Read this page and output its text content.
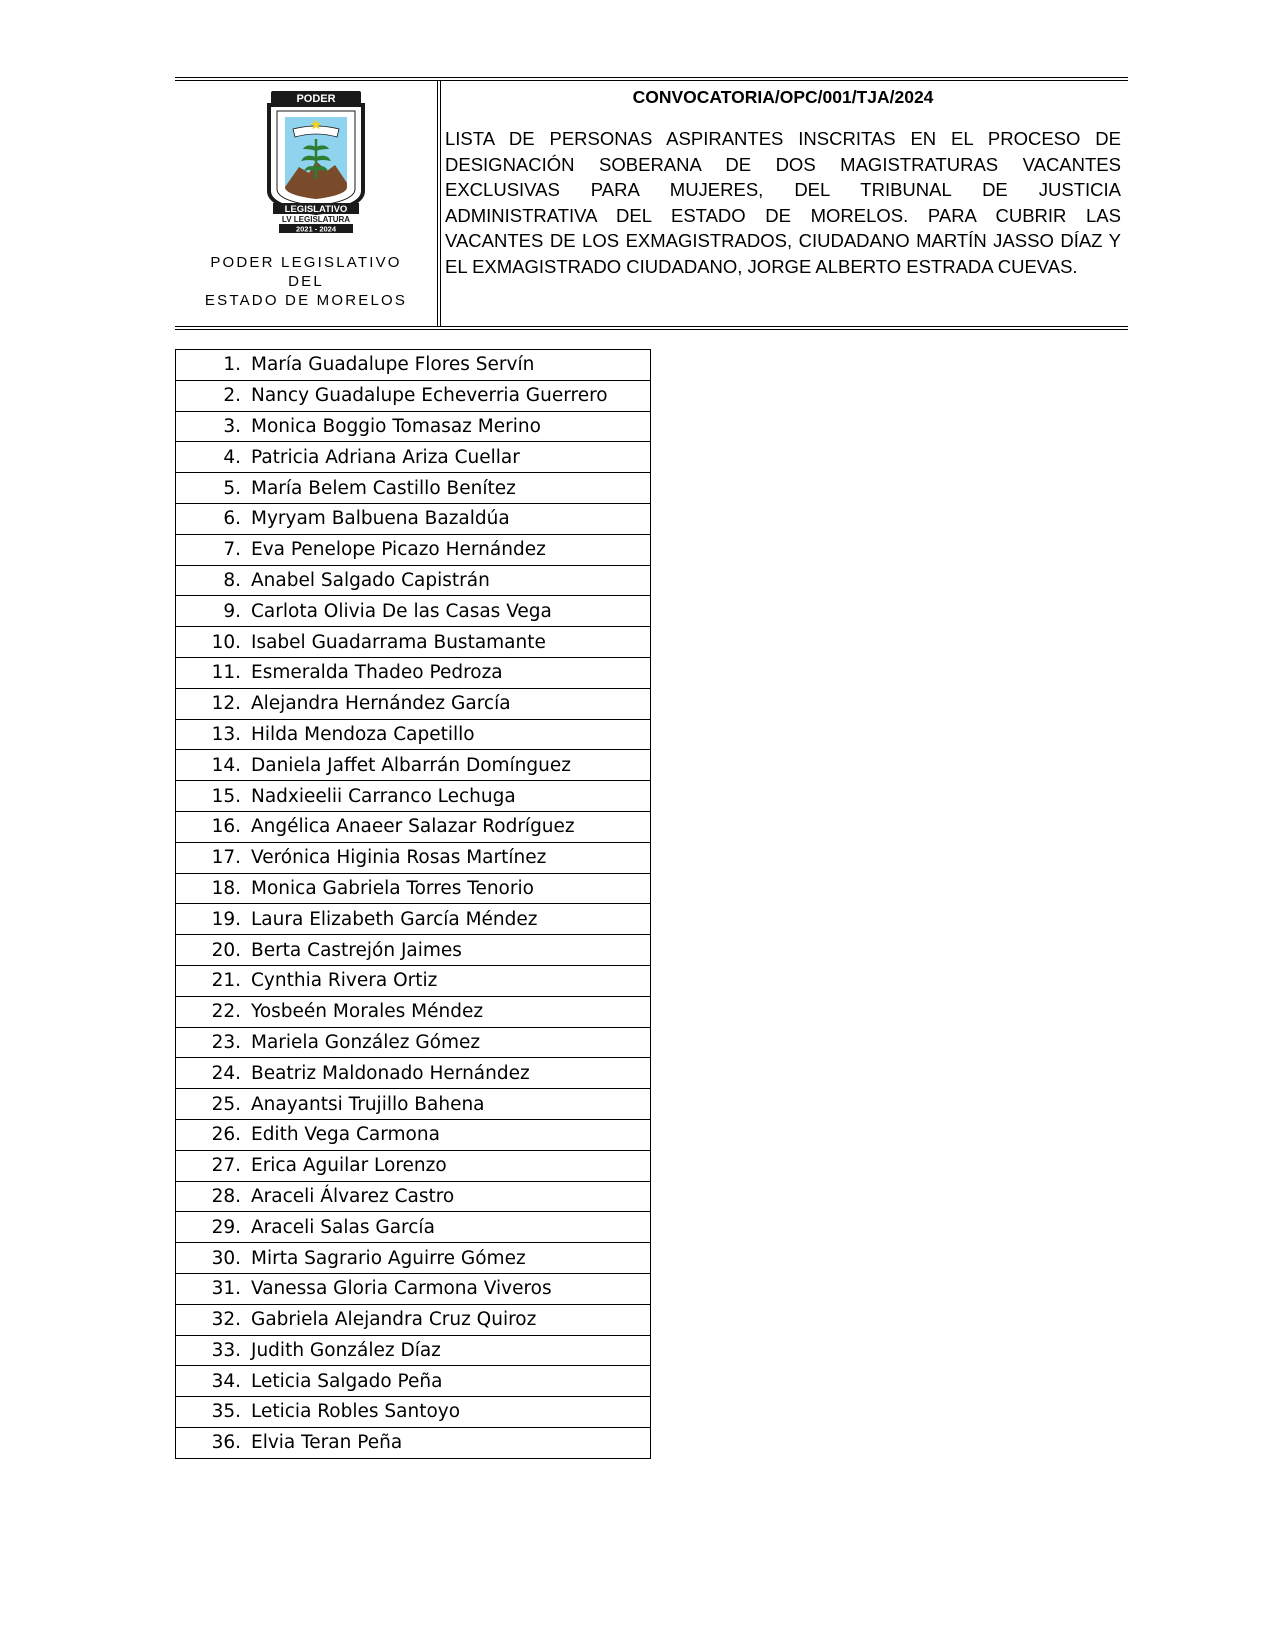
PODER
LEGISLATIVO
LV LEGISLATURA
2021 - 2024
PODER LEGISLATIVO
DEL
ESTADO DE MORELOS
CONVOCATORIA/OPC/001/TJA/2024
LISTA DE PERSONAS ASPIRANTES INSCRITAS EN EL PROCESO DE DESIGNACIÓN SOBERANA DE DOS MAGISTRATURAS VACANTES EXCLUSIVAS PARA MUJERES, DEL TRIBUNAL DE JUSTICIA ADMINISTRATIVA DEL ESTADO DE MORELOS. PARA CUBRIR LAS VACANTES DE LOS EXMAGISTRADOS, CIUDADANO MARTÍN JASSO DÍAZ Y EL EXMAGISTRADO CIUDADANO, JORGE ALBERTO ESTRADA CUEVAS.
1. María Guadalupe Flores Servín
2. Nancy Guadalupe Echeverria Guerrero
3. Monica Boggio Tomasaz Merino
4. Patricia Adriana Ariza Cuellar
5. María Belem Castillo Benítez
6. Myryam Balbuena Bazaldúa
7. Eva Penelope Picazo Hernández
8. Anabel Salgado Capistrán
9. Carlota Olivia De las Casas Vega
10. Isabel Guadarrama Bustamante
11. Esmeralda Thadeo Pedroza
12. Alejandra Hernández García
13. Hilda Mendoza Capetillo
14. Daniela Jaffet Albarrán Domínguez
15. Nadxieelii Carranco Lechuga
16. Angélica Anaeer Salazar Rodríguez
17. Verónica Higinia Rosas Martínez
18. Monica Gabriela Torres Tenorio
19. Laura Elizabeth García Méndez
20. Berta Castrejón Jaimes
21. Cynthia Rivera Ortiz
22. Yosbeén Morales Méndez
23. Mariela González Gómez
24. Beatriz Maldonado Hernández
25. Anayantsi Trujillo Bahena
26. Edith Vega Carmona
27. Erica Aguilar Lorenzo
28. Araceli Álvarez Castro
29. Araceli Salas García
30. Mirta Sagrario Aguirre Gómez
31. Vanessa Gloria Carmona Viveros
32. Gabriela Alejandra Cruz Quiroz
33. Judith González Díaz
34. Leticia Salgado Peña
35. Leticia Robles Santoyo
36. Elvia Teran Peña
